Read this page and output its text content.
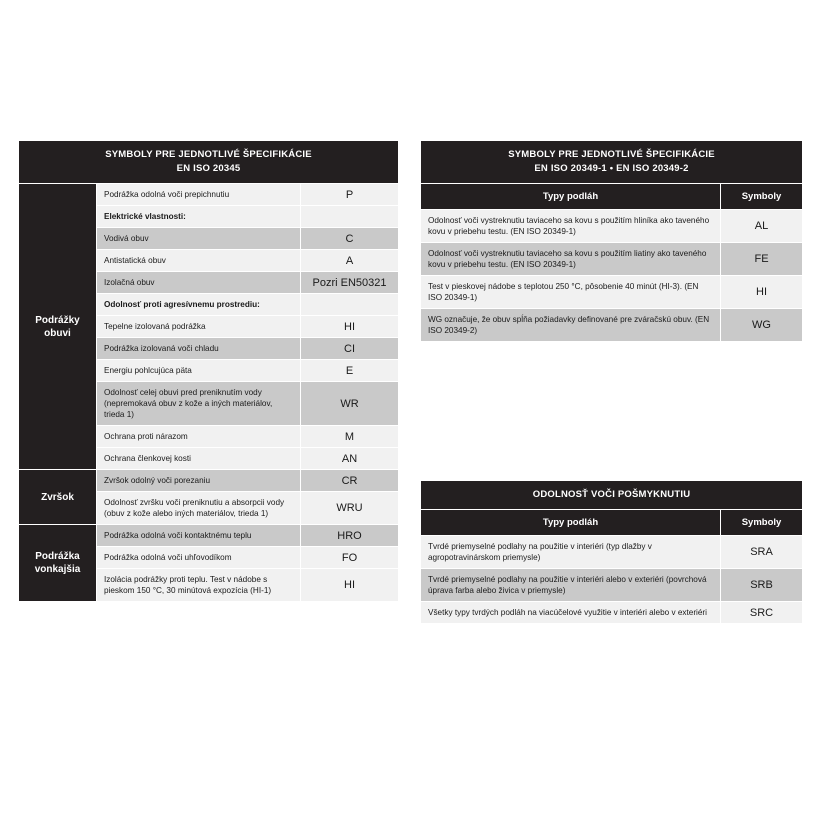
SYMBOLY PRE JEDNOTLIVÉ ŠPECIFIKÁCIE
EN ISO 20345		

Podrážky
obuvi	Podrážka odolná voči prepichnutiu	P
	Elektrické vlastnosti:	
	Vodivá obuv	C
	Antistatická obuv	A
	Izolačná obuv	Pozri EN50321
	Odolnosť proti agresívnemu prostrediu:	
	Tepelne izolovaná podrážka	HI
	Podrážka izolovaná voči chladu	CI
	Energiu pohlcujúca päta	E
	Odolnosť celej obuvi pred preniknutím vody (nepremokavá obuv z kože a iných materiálov, trieda 1)	WR
	Ochrana proti nárazom	M
	Ochrana členkovej kosti	AN
Zvršok	Zvršok odolný voči porezaniu	CR
	Odolnosť zvršku voči preniknutiu a absorpcii vody (obuv z kože alebo iných materiálov, trieda 1)	WRU
Podrážka
vonkajšia	Podrážka odolná voči kontaktnému teplu	HRO
	Podrážka odolná voči uhľovodíkom	FO
	Izolácia podrážky proti teplu. Test v nádobe s pieskom 150 °C, 30 minútová expozícia (HI-1)	HI
SYMBOLY PRE JEDNOTLIVÉ ŠPECIFIKÁCIE
EN ISO 20349-1 • EN ISO 20349-2	

Typy podláh	Symboly
Odolnosť voči vystreknutiu taviaceho sa kovu s použitím hliníka ako taveného kovu v priebehu testu. (EN ISO 20349-1)	AL
Odolnosť voči vystreknutiu taviaceho sa kovu s použitím liatiny ako taveného kovu v priebehu testu. (EN ISO 20349-1)	FE
Test v pieskovej nádobe s teplotou 250 °C, pôsobenie 40 minút (HI-3). (EN ISO 20349-1)	HI
WG označuje, že obuv spĺňa požiadavky definované pre zváračskú obuv. (EN ISO 20349-2)	WG
ODOLNOSŤ VOČI POŠMYKNUTIU	
Typy podláh	Symboly
Tvrdé priemyselné podlahy na použitie v interiéri (typ dlažby v agropotravinárskom priemysle)	SRA
Tvrdé priemyselné podlahy na použitie v interiéri alebo v exteriéri (povrchová úprava farba alebo živica v priemysle)	SRB
Všetky typy tvrdých podláh na viacúčelové využitie v interiéri alebo v exteriéri	SRC
